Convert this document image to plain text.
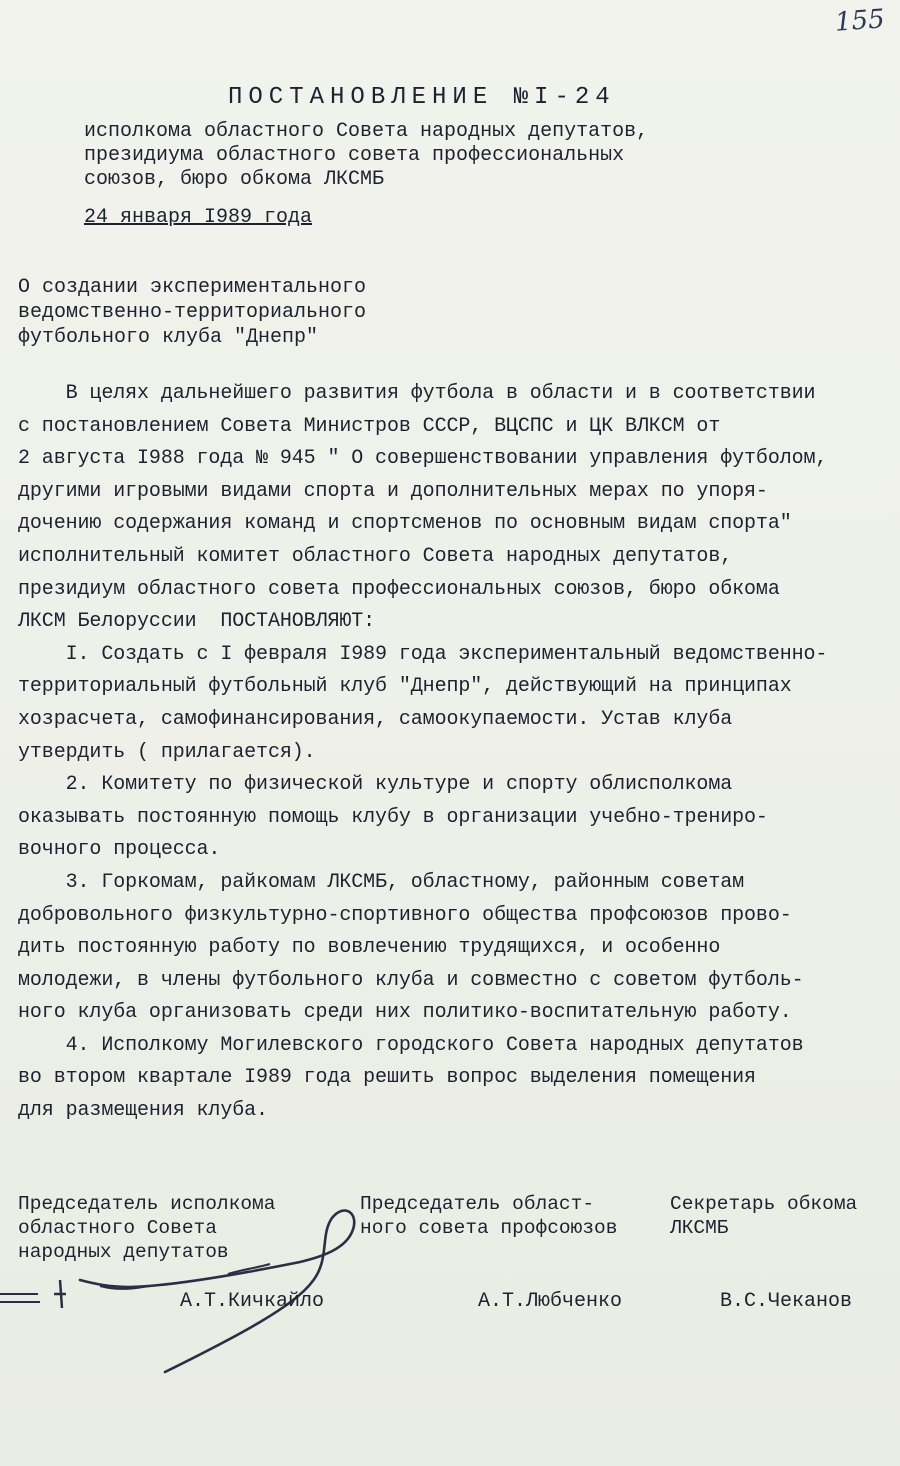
155
ПОСТАНОВЛЕНИЕ №I-24

исполкома областного Совета народных депутатов,
президиума областного совета профессиональных
союзов, бюро обкома ЛКСМБ

24 января I989 года

О создании экспериментального
ведомственно-территориального
футбольного клуба "Днепр"

В целях дальнейшего развития футбола в области и в соответствии
с постановлением Совета Министров СССР, ВЦСПС и ЦК ВЛКСМ от
2 августа I988 года № 945 " О совершенствовании управления футболом,
другими игровыми видами спорта и дополнительных мерах по упоря-
дочению содержания команд и спортсменов по основным видам спорта"
исполнительный комитет областного Совета народных депутатов,
президиум областного совета профессиональных союзов, бюро обкома
ЛКСМ Белоруссии  ПОСТАНОВЛЯЮТ:
I. Создать с I февраля I989 года экспериментальный ведомственно-
территориальный футбольный клуб "Днепр", действующий на принципах
хозрасчета, самофинансирования, самоокупаемости. Устав клуба
утвердить ( прилагается).
2. Комитету по физической культуре и спорту облисполкома
оказывать постоянную помощь клубу в организации учебно-трениро-
вочного процесса.
3. Горкомам, райкомам ЛКСМБ, областному, районным советам
добровольного физкультурно-спортивного общества профсоюзов прово-
дить постоянную работу по вовлечению трудящихся, и особенно
молодежи, в члены футбольного клуба и совместно с советом футболь-
ного клуба организовать среди них политико-воспитательную работу.
4. Исполкому Могилевского городского Совета народных депутатов
во втором квартале I989 года решить вопрос выделения помещения
для размещения клуба.

Председатель исполкома
областного Совета
народных депутатов

Председатель област-
ного совета профсоюзов

Секретарь обкома
ЛКСМБ

А.Т.Кичкайло	А.Т.Любченко	В.С.Чеканов
